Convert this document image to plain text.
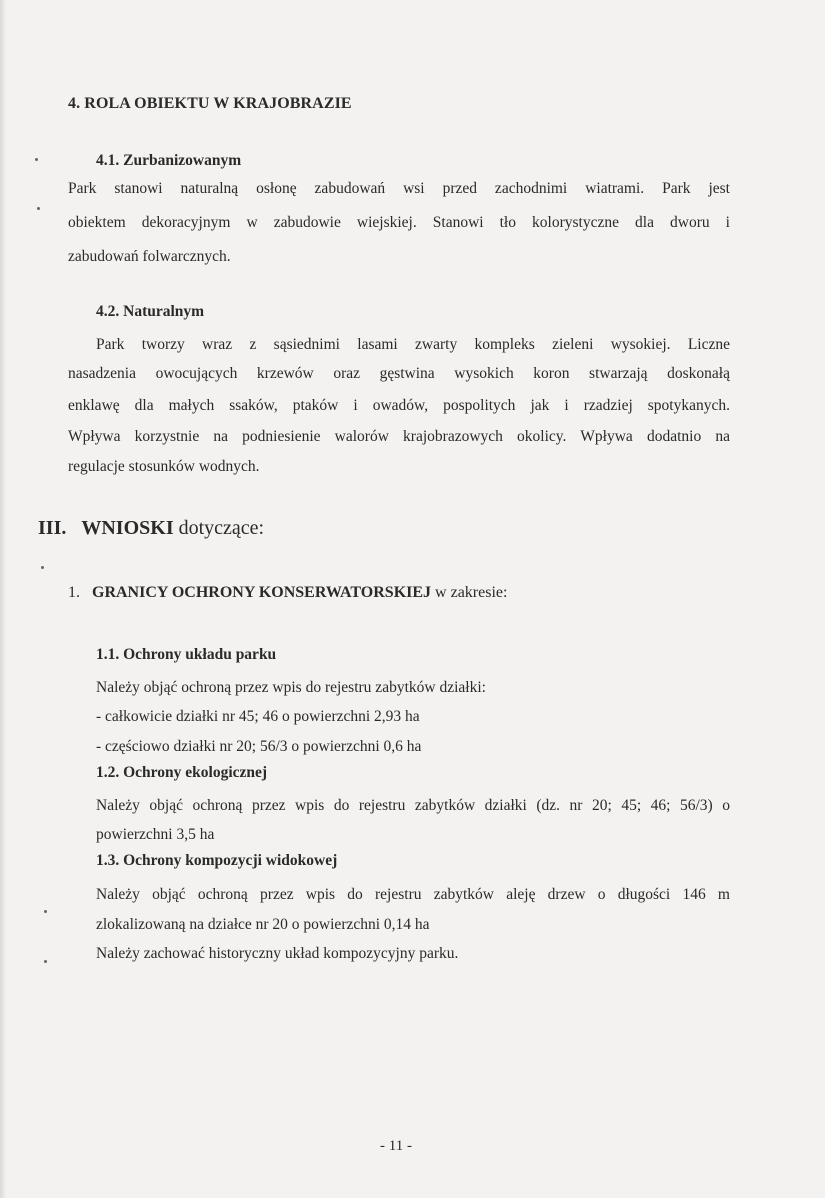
4. ROLA OBIEKTU W KRAJOBRAZIE
4.1. Zurbanizowanym
Park stanowi naturalną osłonę zabudowań wsi przed zachodnimi wiatrami. Park jest
obiektem dekoracyjnym w zabudowie wiejskiej. Stanowi tło kolorystyczne dla dworu i
zabudowań folwarcznych.
4.2. Naturalnym
Park tworzy wraz z sąsiednimi lasami zwarty kompleks zieleni wysokiej. Liczne
nasadzenia owocujących krzewów oraz gęstwina wysokich koron stwarzają doskonałą
enklawę dla małych ssaków, ptaków i owadów, pospolitych jak i rzadziej spotykanych.
Wpływa korzystnie na podniesienie walorów krajobrazowych okolicy. Wpływa dodatnio na
regulacje stosunków wodnych.
III. WNIOSKI dotyczące:
1. GRANICY OCHRONY KONSERWATORSKIEJ w zakresie:
1.1. Ochrony układu parku
Należy objąć ochroną przez wpis do rejestru zabytków działki:
- całkowicie działki nr 45; 46 o powierzchni 2,93 ha
- częściowo działki nr 20; 56/3 o powierzchni 0,6 ha
1.2. Ochrony ekologicznej
Należy objąć ochroną przez wpis do rejestru zabytków działki (dz. nr 20; 45; 46; 56/3) o
powierzchni 3,5 ha
1.3. Ochrony kompozycji widokowej
Należy objąć ochroną przez wpis do rejestru zabytków aleję drzew o długości 146 m
zlokalizowaną na działce nr 20 o powierzchni 0,14 ha
Należy zachować historyczny układ kompozycyjny parku.
- 11 -
